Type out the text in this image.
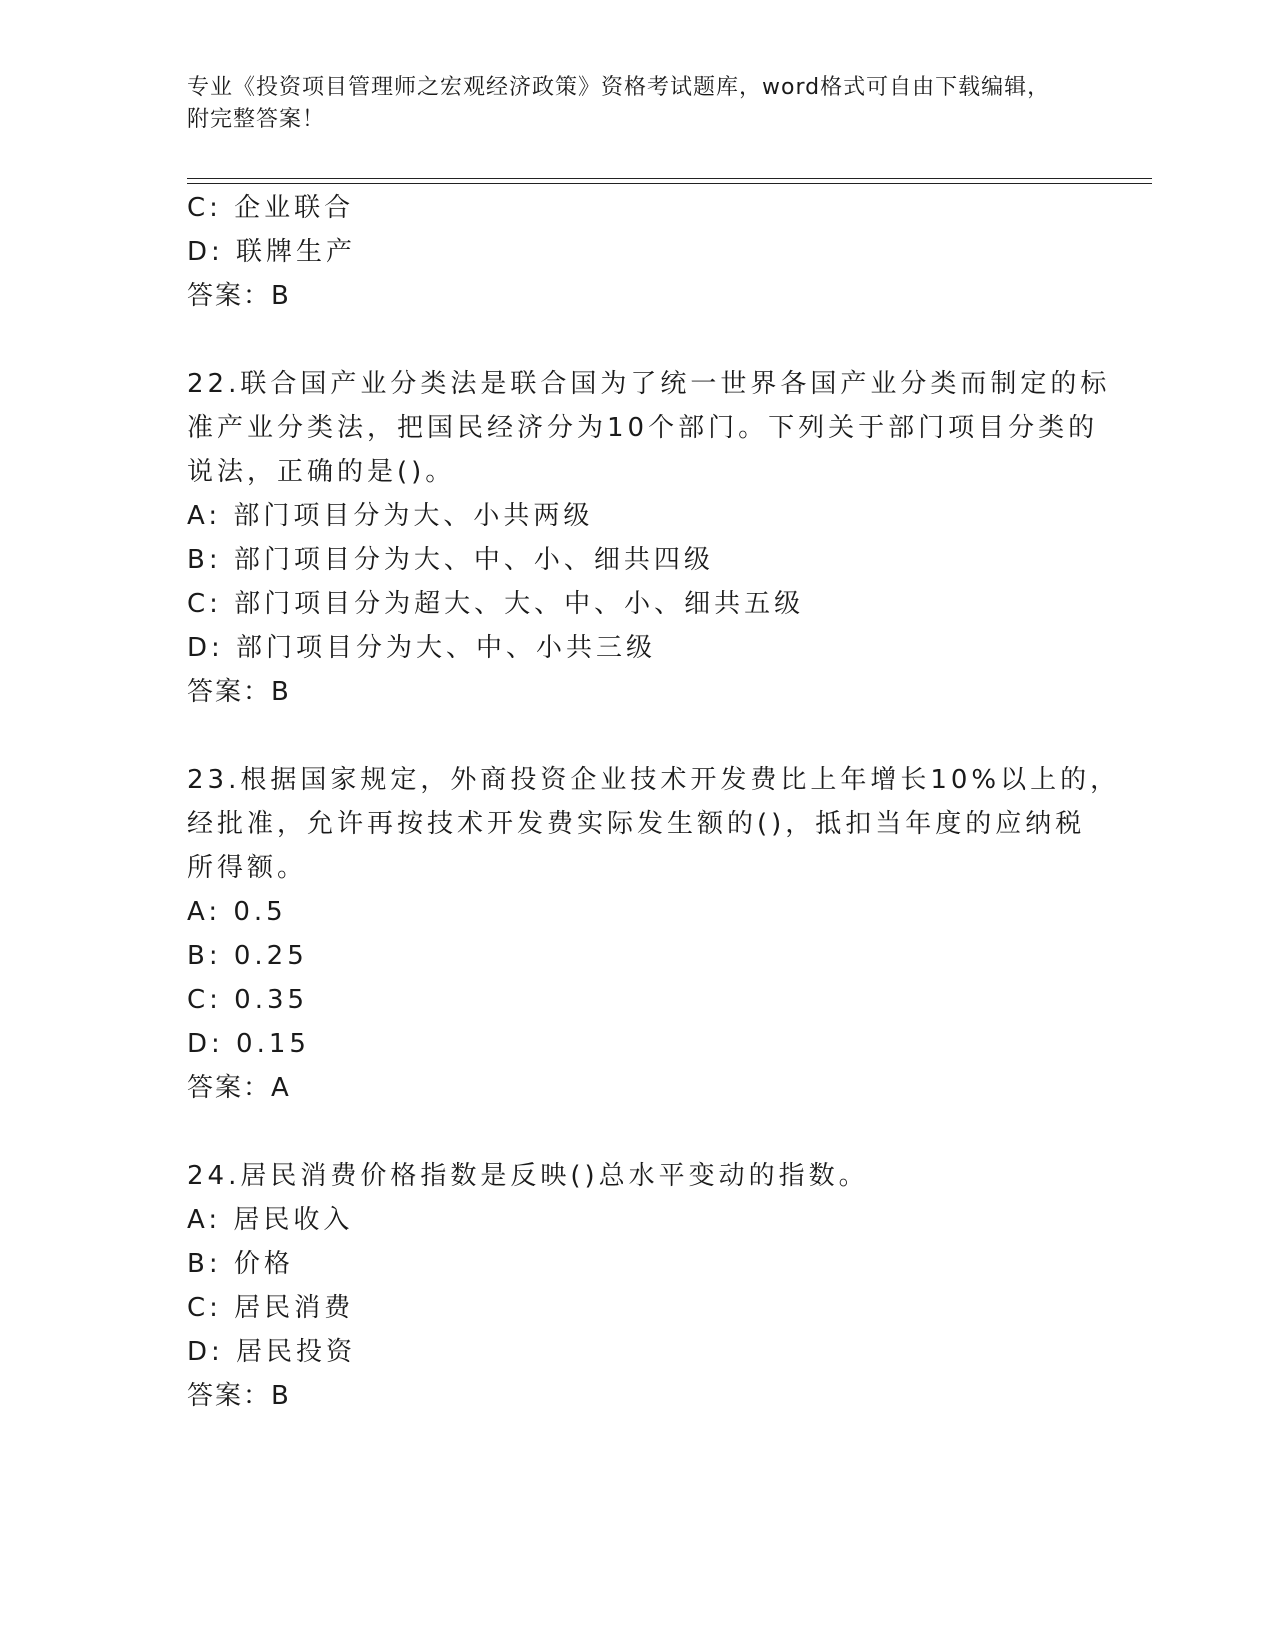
专业《投资项目管理师之宏观经济政策》资格考试题库，word格式可自由下载编辑，附完整答案！

C: 企业联合

D: 联牌生产

答案：B

22.联合国产业分类法是联合国为了统一世界各国产业分类而制定的标

准产业分类法，把国民经济分为10个部门。下列关于部门项目分类的

说法，正确的是()。

A: 部门项目分为大、小共两级

B: 部门项目分为大、中、小、细共四级

C: 部门项目分为超大、大、中、小、细共五级

D: 部门项目分为大、中、小共三级

答案：B

23.根据国家规定，外商投资企业技术开发费比上年增长10%以上的，

经批准，允许再按技术开发费实际发生额的()，抵扣当年度的应纳税

所得额。

A: 0.5

B: 0.25

C: 0.35

D: 0.15

答案：A

24.居民消费价格指数是反映()总水平变动的指数。

A: 居民收入

B: 价格

C: 居民消费

D: 居民投资

答案：B
